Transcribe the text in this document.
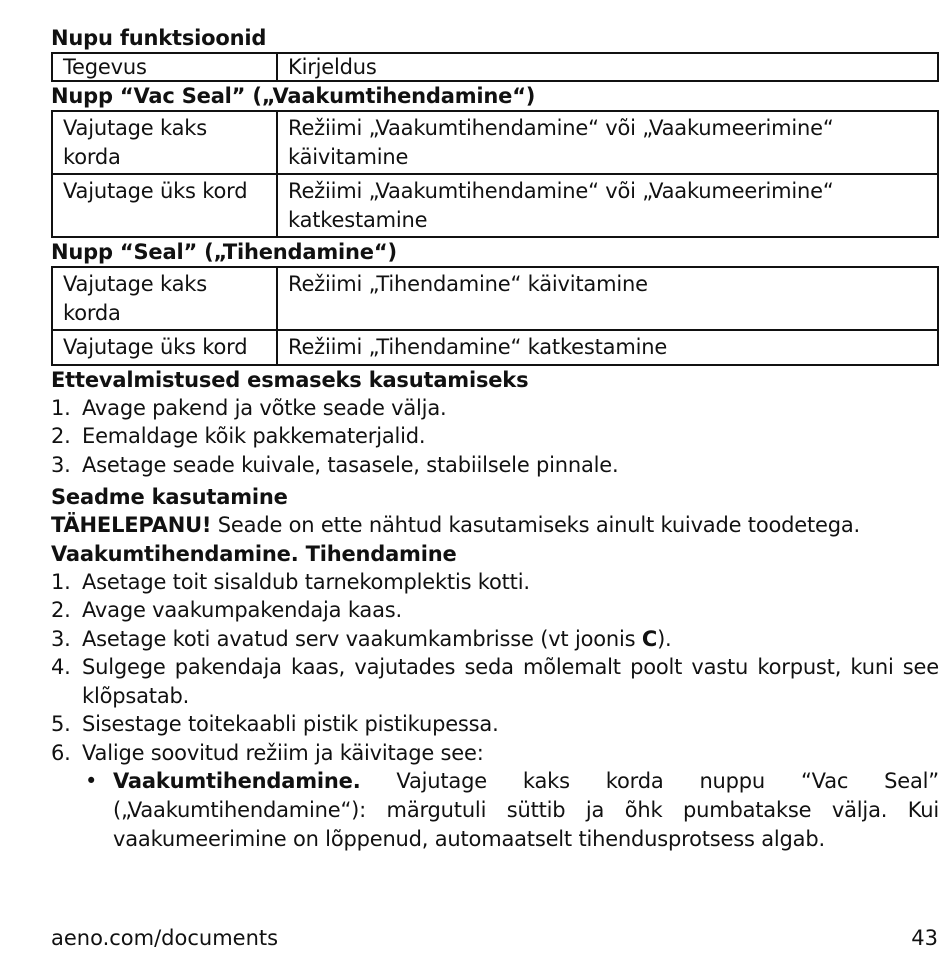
Nupu funktsioonid

Tegevus	Kirjeldus

Nupp “Vac Seal” („Vaakumtihendamine“)

Vajutage kaks korda	Režiimi „Vaakumtihendamine“ või „Vaakumeerimine“ käivitamine
Vajutage üks kord	Režiimi „Vaakumtihendamine“ või „Vaakumeerimine“ katkestamine

Nupp “Seal” („Tihendamine“)

Vajutage kaks korda	Režiimi „Tihendamine“ käivitamine
Vajutage üks kord	Režiimi „Tihendamine“ katkestamine

Ettevalmistused esmaseks kasutamiseks

1. Avage pakend ja võtke seade välja.
2. Eemaldage kõik pakkematerjalid.
3. Asetage seade kuivale, tasasele, stabiilsele pinnale.

Seadme kasutamine

TÄHELEPANU! Seade on ette nähtud kasutamiseks ainult kuivade toodetega.

Vaakumtihendamine. Tihendamine

1. Asetage toit sisaldub tarnekomplektis kotti.
2. Avage vaakumpakendaja kaas.
3. Asetage koti avatud serv vaakumkambrisse (vt joonis C).
4. Sulgege pakendaja kaas, vajutades seda mõlemalt poolt vastu korpust, kuni see klõpsatab.
5. Sisestage toitekaabli pistik pistikupessa.
6. Valige soovitud režiim ja käivitage see:
• Vaakumtihendamine. Vajutage kaks korda nuppu “Vac Seal” („Vaakumtihendamine“): märgutuli süttib ja õhk pumbatakse välja. Kui vaakumeerimine on lõppenud, automaatselt tihendusprotsess algab.
aeno.com/documents	43
